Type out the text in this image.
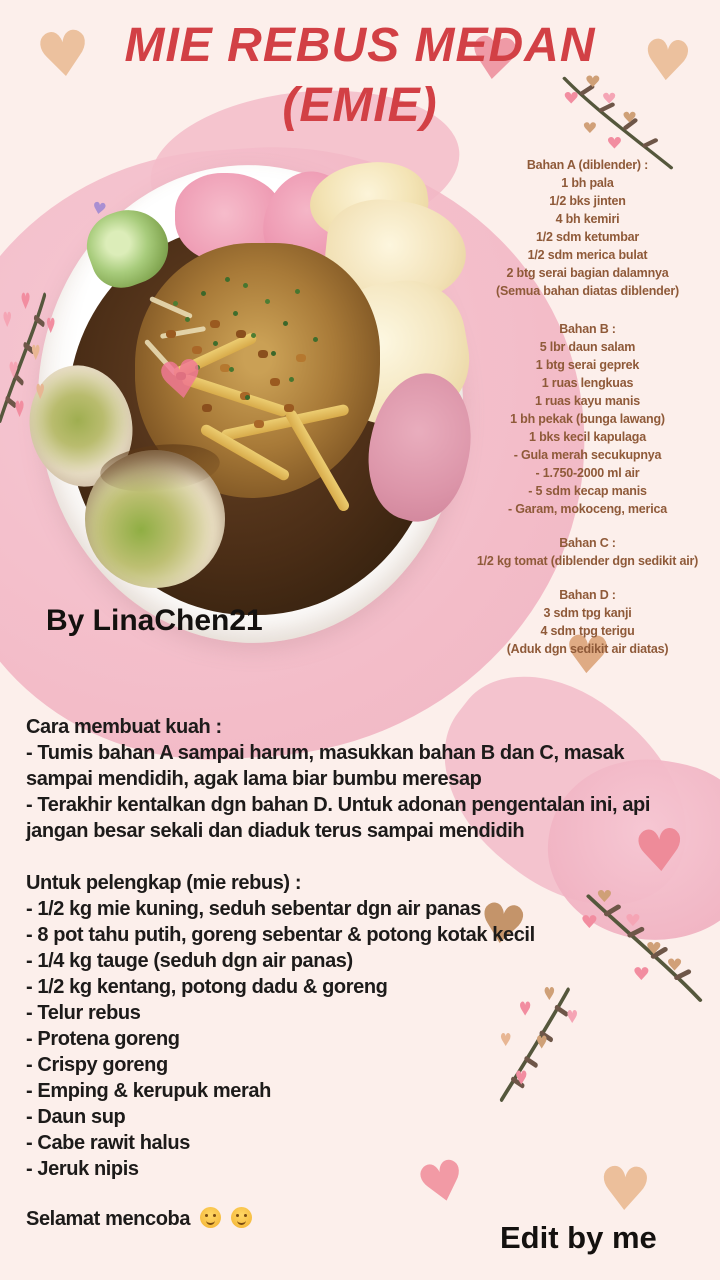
♥
♥
♥
♥
♥
♥
♥
♥
♥
♥ ♥
♥
♥
♥
♥
♥ ♥
♥
♥
♥
♥
♥
♥ ♥
♥
♥ ♥
♥
♥ ♥
♥ ♥
♥
MIE REBUS MEDAN
(EMIE)
♥
♥
By LinaChen21
Bahan A (diblender) :
1 bh pala
1/2 bks jinten
4 bh kemiri
1/2 sdm ketumbar
1/2 sdm merica bulat
2 btg serai bagian dalamnya
(Semua bahan diatas diblender)
Bahan B :
5 lbr daun salam
1 btg serai geprek
1 ruas lengkuas
1 ruas kayu manis
1 bh pekak (bunga lawang)
1 bks kecil kapulaga
- Gula merah secukupnya
- 1.750-2000 ml air
- 5 sdm kecap manis
- Garam, mokoceng, merica
Bahan C :
1/2 kg tomat (diblender dgn sedikit air)
Bahan D :
3 sdm tpg kanji
4 sdm tpg terigu
(Aduk dgn sedikit air diatas)
Cara membuat kuah :
- Tumis bahan A sampai harum, masukkan bahan B dan C, masak
sampai mendidih, agak lama biar bumbu meresap
- Terakhir kentalkan dgn bahan D. Untuk adonan pengentalan ini, api
jangan besar sekali dan diaduk terus sampai mendidih
Untuk pelengkap (mie rebus) :
- 1/2 kg mie kuning, seduh sebentar dgn air panas
- 8 pot tahu putih, goreng sebentar & potong kotak kecil
- 1/4 kg tauge (seduh dgn air panas)
- 1/2 kg kentang, potong dadu & goreng
- Telur rebus
- Protena goreng
- Crispy goreng
- Emping & kerupuk merah
- Daun sup
- Cabe rawit halus
- Jeruk nipis
Selamat mencoba
Edit by me
